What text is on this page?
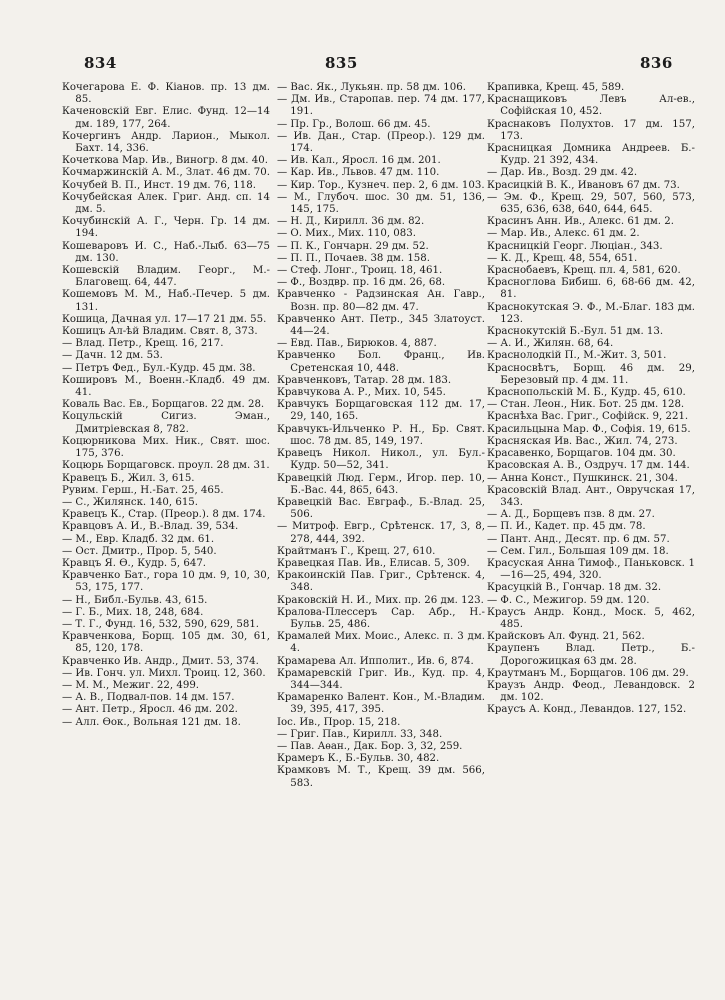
834	835	836

Кочегарова Е. Ф. Кіанов. пр. 13 дм. 85.

Каченовскій Евг. Елис. Фунд. 12—14 дм. 189, 177, 264.

Кочергинъ Андр. Ларион., Мыкол. Бахт. 14, 336.

Кочеткова Мар. Ив., Виногр. 8 дм. 40.

Кочмаржинскій А. М., Злат. 46 дм. 70.

Кочубей В. П., Инст. 19 дм. 76, 118.

Кочубейская Алек. Григ. Анд. сп. 14 дм. 5.

Кочубинскій А. Г., Черн. Гр. 14 дм. 194.

Кошеваровъ И. С., Наб.-Лыб. 63—75 дм. 130.

Кошевскій Владим. Георг., М.-Благовещ. 64, 447.

Кошемовъ М. М., Наб.-Печер. 5 дм. 131.

Кошица, Дачная ул. 17—17 21 дм. 55.

Кошицъ Ал-ѣй Владим. Свят. 8, 373.

— Влад. Петр., Крещ. 16, 217.

— Дачн. 12 дм. 53.

— Петръ Фед., Бул.-Кудр. 45 дм. 38.

Кошировъ М., Военн.-Кладб. 49 дм. 41.

Коваль Вас. Ев., Борщагов. 22 дм. 28.

Коцульскій Сигиз. Эман., Дмитріевская 8, 782.

Коцюрникова Мих. Ник., Свят. шос. 175, 376.

Коцюрь Борщаговск. проул. 28 дм. 31.

Кравецъ Б., Жил. 3, 615.

Рувим. Герш., Н.-Бат. 25, 465.

— С., Жилянск. 140, 615.

Кравецъ К., Стар. (Преор.). 8 дм. 174.

Кравцовъ А. И., В.-Влад. 39, 534.

— М., Евр. Кладб. 32 дм. 61.

— Ост. Дмитр., Прор. 5, 540.

Кравцъ Я. Ѳ., Кудр. 5, 647.

Кравченко Бат., гора 10 дм. 9, 10, 30, 53, 175, 177.

— Н., Библ.-Бульв. 43, 615.

— Г. Б., Мих. 18, 248, 684.

— Т. Г., Фунд. 16, 532, 590, 629, 581.

Кравченкова, Борщ. 105 дм. 30, 61, 85, 120, 178.

Кравченко Ив. Андр., Дмит. 53, 374.

— Ив. Гонч. ул. Михл. Троиц. 12, 360.

— М. М., Межиг. 22, 499.

— А. В., Подвал-пов. 14 дм. 157.

— Ант. Петр., Яросл. 46 дм. 202.

— Алл. Ѳок., Вольная 121 дм. 18.

— Вас. Як., Лукьян. пр. 58 дм. 106.

— Дм. Ив., Старопав. пер. 74 дм. 177, 191.

— Пр. Гр., Волош. 66 дм. 45.

— Ив. Дан., Стар. (Преор.). 129 дм. 174.

— Ив. Кал., Яросл. 16 дм. 201.

— Кар. Ив., Львов. 47 дм. 110.

— Кир. Тор., Кузнеч. пер. 2, 6 дм. 103.

— М., Глубоч. шос. 30 дм. 51, 136, 145, 175.

— Н. Д., Кирилл. 36 дм. 82.

— О. Мих., Мих. 110, 083.

— П. К., Гончарн. 29 дм. 52.

— П. П., Почаев. 38 дм. 158.

— Стеф. Лонг., Троиц. 18, 461.

— Ф., Воздвр. пр. 16 дм. 26, 68.

Кравченко - Радзинская Ан. Гавр., Возн. пр. 80—82 дм. 47.

Кравченко Ант. Петр., 345 Златоуст. 44—24.

— Евд. Пав., Бирюков. 4, 887.

Кравченко Бол. Франц., Ив. Сретенская 10, 448.

Кравченковъ, Татар. 28 дм. 183.

Кравчукова А. Р., Мих. 10, 545.

Кравчукъ Борщаговская 112 дм. 17, 29, 140, 165.

Кравчукъ-Ильченко Р. Н., Бр. Свят. шос. 78 дм. 85, 149, 197.

Кравецъ Никол. Никол., ул. Бул.-Кудр. 50—52, 341.

Кравецкій Люд. Герм., Игор. пер. 10, Б.-Вас. 44, 865, 643.

Кравецкій Вас. Евграф., Б.-Влад. 25, 506.

— Митроф. Евгр., Срѣтенск. 17, 3, 8, 278, 444, 392.

Крайтманъ Г., Крещ. 27, 610.

Кравецкая Пав. Ив., Елисав. 5, 309.

Кракоинскій Пав. Григ., Срѣтенск. 4, 348.

Краковскій Н. И., Мих. пр. 26 дм. 123.

Кралова-Плессеръ Сар. Абр., Н.-Бульв. 25, 486.

Крамалей Мих. Моис., Алекс. п. 3 дм. 4.

Крамарева Ал. Ипполит., Ив. 6, 874.

Крамаревскій Григ. Ив., Куд. пр. 4, 344—344.

Крамаренко Валент. Кон., М.-Владим. 39, 395, 417, 395.

Іос. Ив., Прор. 15, 218.

— Григ. Пав., Кирилл. 33, 348.

— Пав. Аѳан., Дак. Бор. 3, 32, 259.

Крамеръ К., Б.-Бульв. 30, 482.

Крамковъ М. Т., Крещ. 39 дм. 566, 583.

Крапивка, Крещ. 45, 589.

Краснащиковъ Левъ Ал-ев., Софійская 10, 452.

Краснаковъ Полухтов. 17 дм. 157, 173.

Красницкая Домника Андреев. Б.-Кудр. 21 392, 434.

— Дар. Ив., Возд. 29 дм. 42.

Красицкій В. К., Ивановъ 67 дм. 73.

— Эм. Ф., Крещ. 29, 507, 560, 573, 635, 636, 638, 640, 644, 645.

Красинъ Анн. Ив., Алекс. 61 дм. 2.

— Мар. Ив., Алекс. 61 дм. 2.

Красницкій Георг. Люціан., 343.

— К. Д., Крещ. 48, 554, 651.

Краснобаевъ, Крещ. пл. 4, 581, 620.

Красноглова Бибиш. 6, 68-66 дм. 42, 81.

Краснокутская Э. Ф., М.-Благ. 183 дм. 123.

Краснокутскій Б.-Бул. 51 дм. 13.

— А. И., Жилян. 68, 64.

Краснолодкій П., М.-Жит. 3, 501.

Красносвѣтъ, Борщ. 46 дм. 29, Березовый пр. 4 дм. 11.

Краснопольскій М. Б., Кудр. 45, 610.

— Стан. Леон., Ник. Бот. 25 дм. 128.

Краснѣха Вас. Григ., Софійск. 9, 221.

Красильцына Мар. Ф., Софія. 19, 615.

Красняская Ив. Вас., Жил. 74, 273.

Красавенко, Борщагов. 104 дм. 30.

Красовская А. В., Оздруч. 17 дм. 144.

— Анна Конст., Пушкинск. 21, 304.

Красовскій Влад. Ант., Овручская 17, 343.

— А. Д., Борщевъ пзв. 8 дм. 27.

— П. И., Кадет. пр. 45 дм. 78.

— Пант. Анд., Десят. пр. 6 дм. 57.

— Сем. Гил., Большая 109 дм. 18.

Красуская Анна Тимоф., Паньковск. 1—16—25, 494, 320.

Красуцкій В., Гончар. 18 дм. 32.

— Ф. С., Межигор. 59 дм. 120.

Краусъ Андр. Конд., Моск. 5, 462, 485.

Крайсковъ Ал. Фунд. 21, 562.

Краупенъ Влад. Петр., Б.-Дорогожицкая 63 дм. 28.

Краутманъ М., Борщагов. 106 дм. 29.

Краузъ Андр. Феод., Левандовск. 2 дм. 102.

Краусъ А. Конд., Левандов. 127, 152.
